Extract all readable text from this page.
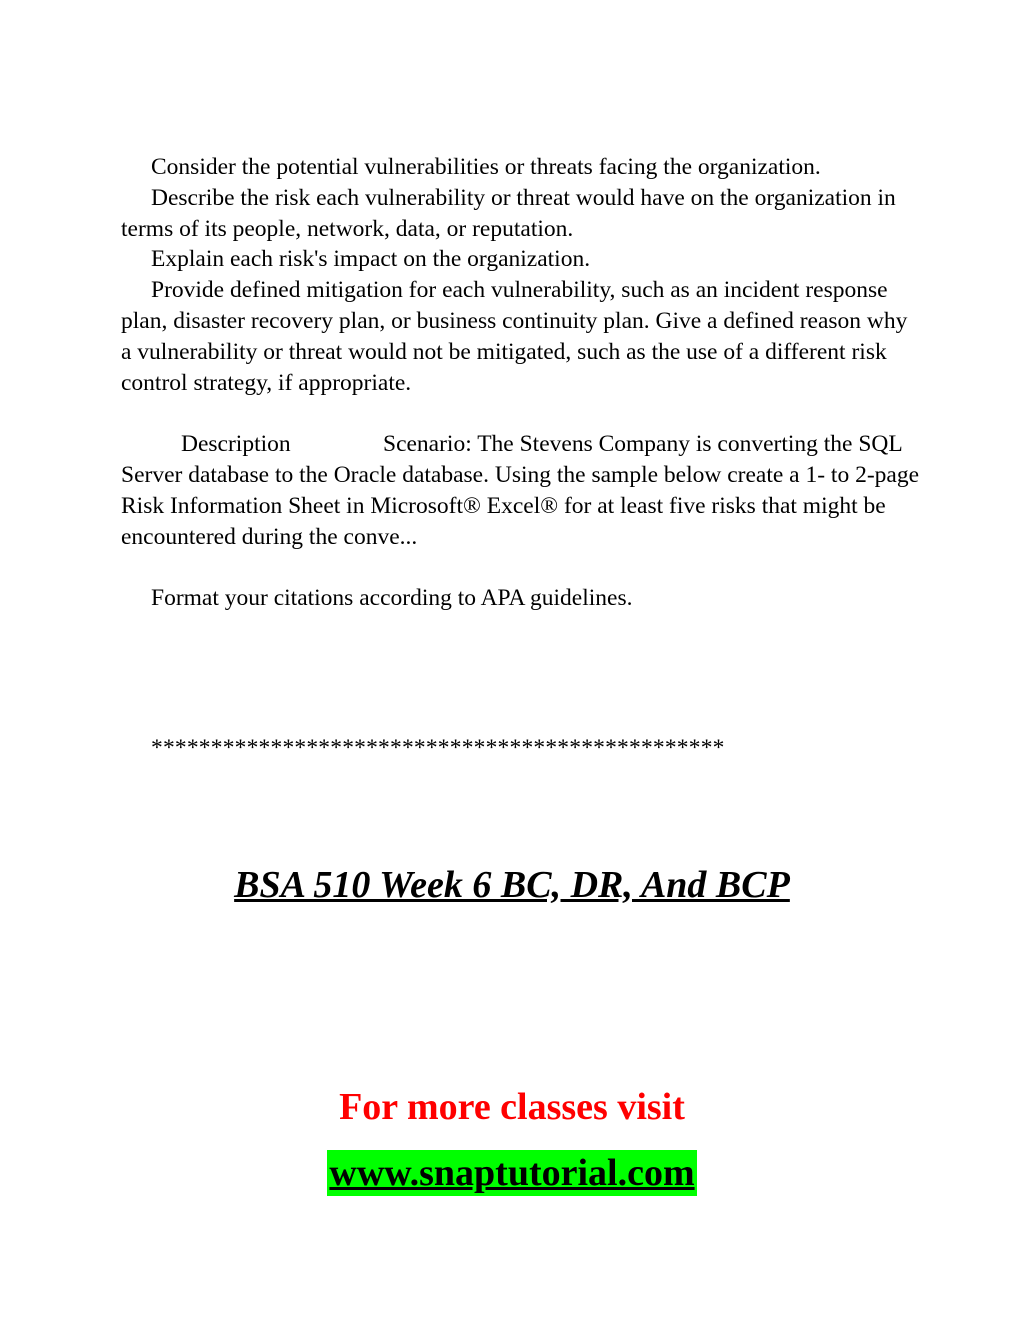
Consider the potential vulnerabilities or threats facing the organization.

Describe the risk each vulnerability or threat would have on the organization in terms of its people, network, data, or reputation.

Explain each risk's impact on the organization.

Provide defined mitigation for each vulnerability, such as an incident response plan, disaster recovery plan, or business continuity plan. Give a defined reason why a vulnerability or threat would not be mitigated, such as the use of a different risk control strategy, if appropriate.

Description	Scenario: The Stevens Company is converting the SQL Server database to the Oracle database. Using the sample below create a 1- to 2-page Risk Information Sheet in Microsoft® Excel® for at least five risks that might be encountered during the conve...

Format your citations according to APA guidelines.

************************************************
BSA 510 Week 6 BC, DR, And BCP
For more classes visit
www.snaptutorial.com
